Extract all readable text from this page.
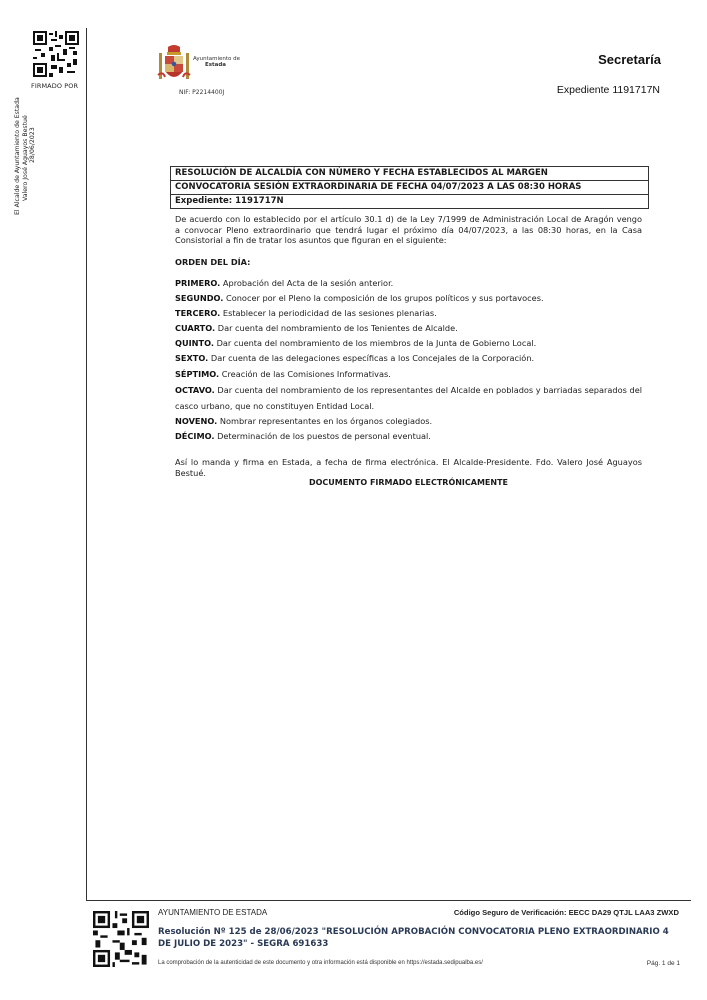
FIRMADO POR
El Alcalde de Ayuntamiento de Estada Valero José Aguayos Bestué 28/06/2023
Ayuntamiento de
Estada
NIF: P2214400J
Secretaría
Expediente 1191717N
RESOLUCIÓN DE ALCALDÍA CON NÚMERO Y FECHA ESTABLECIDOS AL MARGEN
CONVOCATORIA SESIÓN EXTRAORDINARIA DE FECHA 04/07/2023 A LAS 08:30 HORAS
Expediente: 1191717N
De acuerdo con lo establecido por el artículo 30.1 d) de la Ley 7/1999 de Administración Local de Aragón vengo a convocar Pleno extraordinario que tendrá lugar el próximo día 04/07/2023, a las 08:30 horas, en la Casa Consistorial a fin de tratar los asuntos que figuran en el siguiente:
ORDEN DEL DÍA:
PRIMERO. Aprobación del Acta de la sesión anterior.
SEGUNDO. Conocer por el Pleno la composición de los grupos políticos y sus portavoces.
TERCERO. Establecer la periodicidad de las sesiones plenarias.
CUARTO. Dar cuenta del nombramiento de los Tenientes de Alcalde.
QUINTO. Dar cuenta del nombramiento de los miembros de la Junta de Gobierno Local.
SEXTO. Dar cuenta de las delegaciones específicas a los Concejales de la Corporación.
SÉPTIMO. Creación de las Comisiones Informativas.
OCTAVO. Dar cuenta del nombramiento de los representantes del Alcalde en poblados y barriadas separados del casco urbano, que no constituyen Entidad Local.
NOVENO. Nombrar representantes en los órganos colegiados.
DÉCIMO. Determinación de los puestos de personal eventual.
Así lo manda y firma en Estada, a fecha de firma electrónica. El Alcalde-Presidente. Fdo. Valero José Aguayos Bestué.
DOCUMENTO FIRMADO ELECTRÓNICAMENTE
AYUNTAMIENTO DE ESTADA	Código Seguro de Verificación: EECC DA29 QTJL LAA3 ZWXD
Resolución Nº 125 de 28/06/2023 "RESOLUCIÓN APROBACIÓN CONVOCATORIA PLENO EXTRAORDINARIO 4 DE JULIO DE 2023" - SEGRA 691633
La comprobación de la autenticidad de este documento y otra información está disponible en https://estada.sedipualba.es/	Pág. 1 de 1
